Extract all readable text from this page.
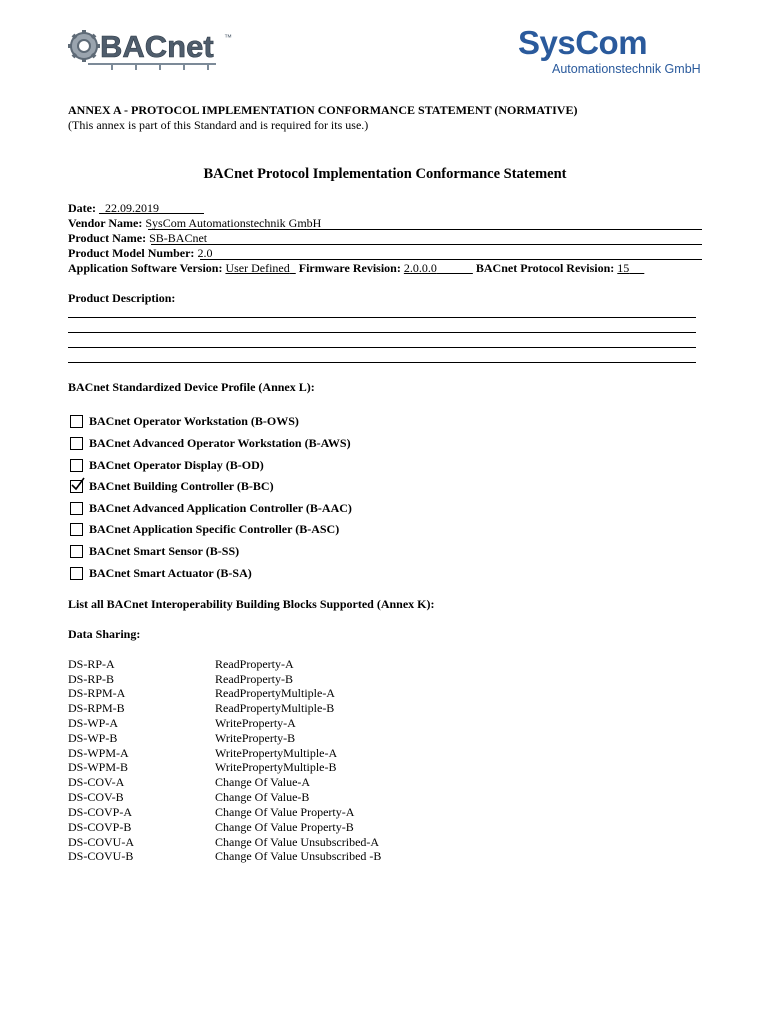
BACnet ™	SysCom
Automationstechnik GmbH
ANNEX A - PROTOCOL IMPLEMENTATION CONFORMANCE STATEMENT (NORMATIVE)
(This annex is part of this Standard and is required for its use.)
BACnet Protocol Implementation Conformance Statement
Date: 22.09.2019
Vendor Name: SysCom Automationstechnik GmbH
Product Name: SB-BACnet
Product Model Number: 2.0
Application Software Version: User Defined Firmware Revision: 2.0.0.0	BACnet Protocol Revision: 15
Product Description:
BACnet Standardized Device Profile (Annex L):
BACnet Operator Workstation (B-OWS)
BACnet Advanced Operator Workstation (B-AWS)
BACnet Operator Display (B-OD)
BACnet Building Controller (B-BC)
BACnet Advanced Application Controller (B-AAC)
BACnet Application Specific Controller (B-ASC)
BACnet Smart Sensor (B-SS)
BACnet Smart Actuator (B-SA)
List all BACnet Interoperability Building Blocks Supported (Annex K):
Data Sharing:
DS-RP-A	ReadProperty-A
DS-RP-B	ReadProperty-B
DS-RPM-A	ReadPropertyMultiple-A
DS-RPM-B	ReadPropertyMultiple-B
DS-WP-A	WriteProperty-A
DS-WP-B	WriteProperty-B
DS-WPM-A	WritePropertyMultiple-A
DS-WPM-B	WritePropertyMultiple-B
DS-COV-A	Change Of Value-A
DS-COV-B	Change Of Value-B
DS-COVP-A	Change Of Value Property-A
DS-COVP-B	Change Of Value Property-B
DS-COVU-A	Change Of Value Unsubscribed-A
DS-COVU-B	Change Of Value Unsubscribed -B
